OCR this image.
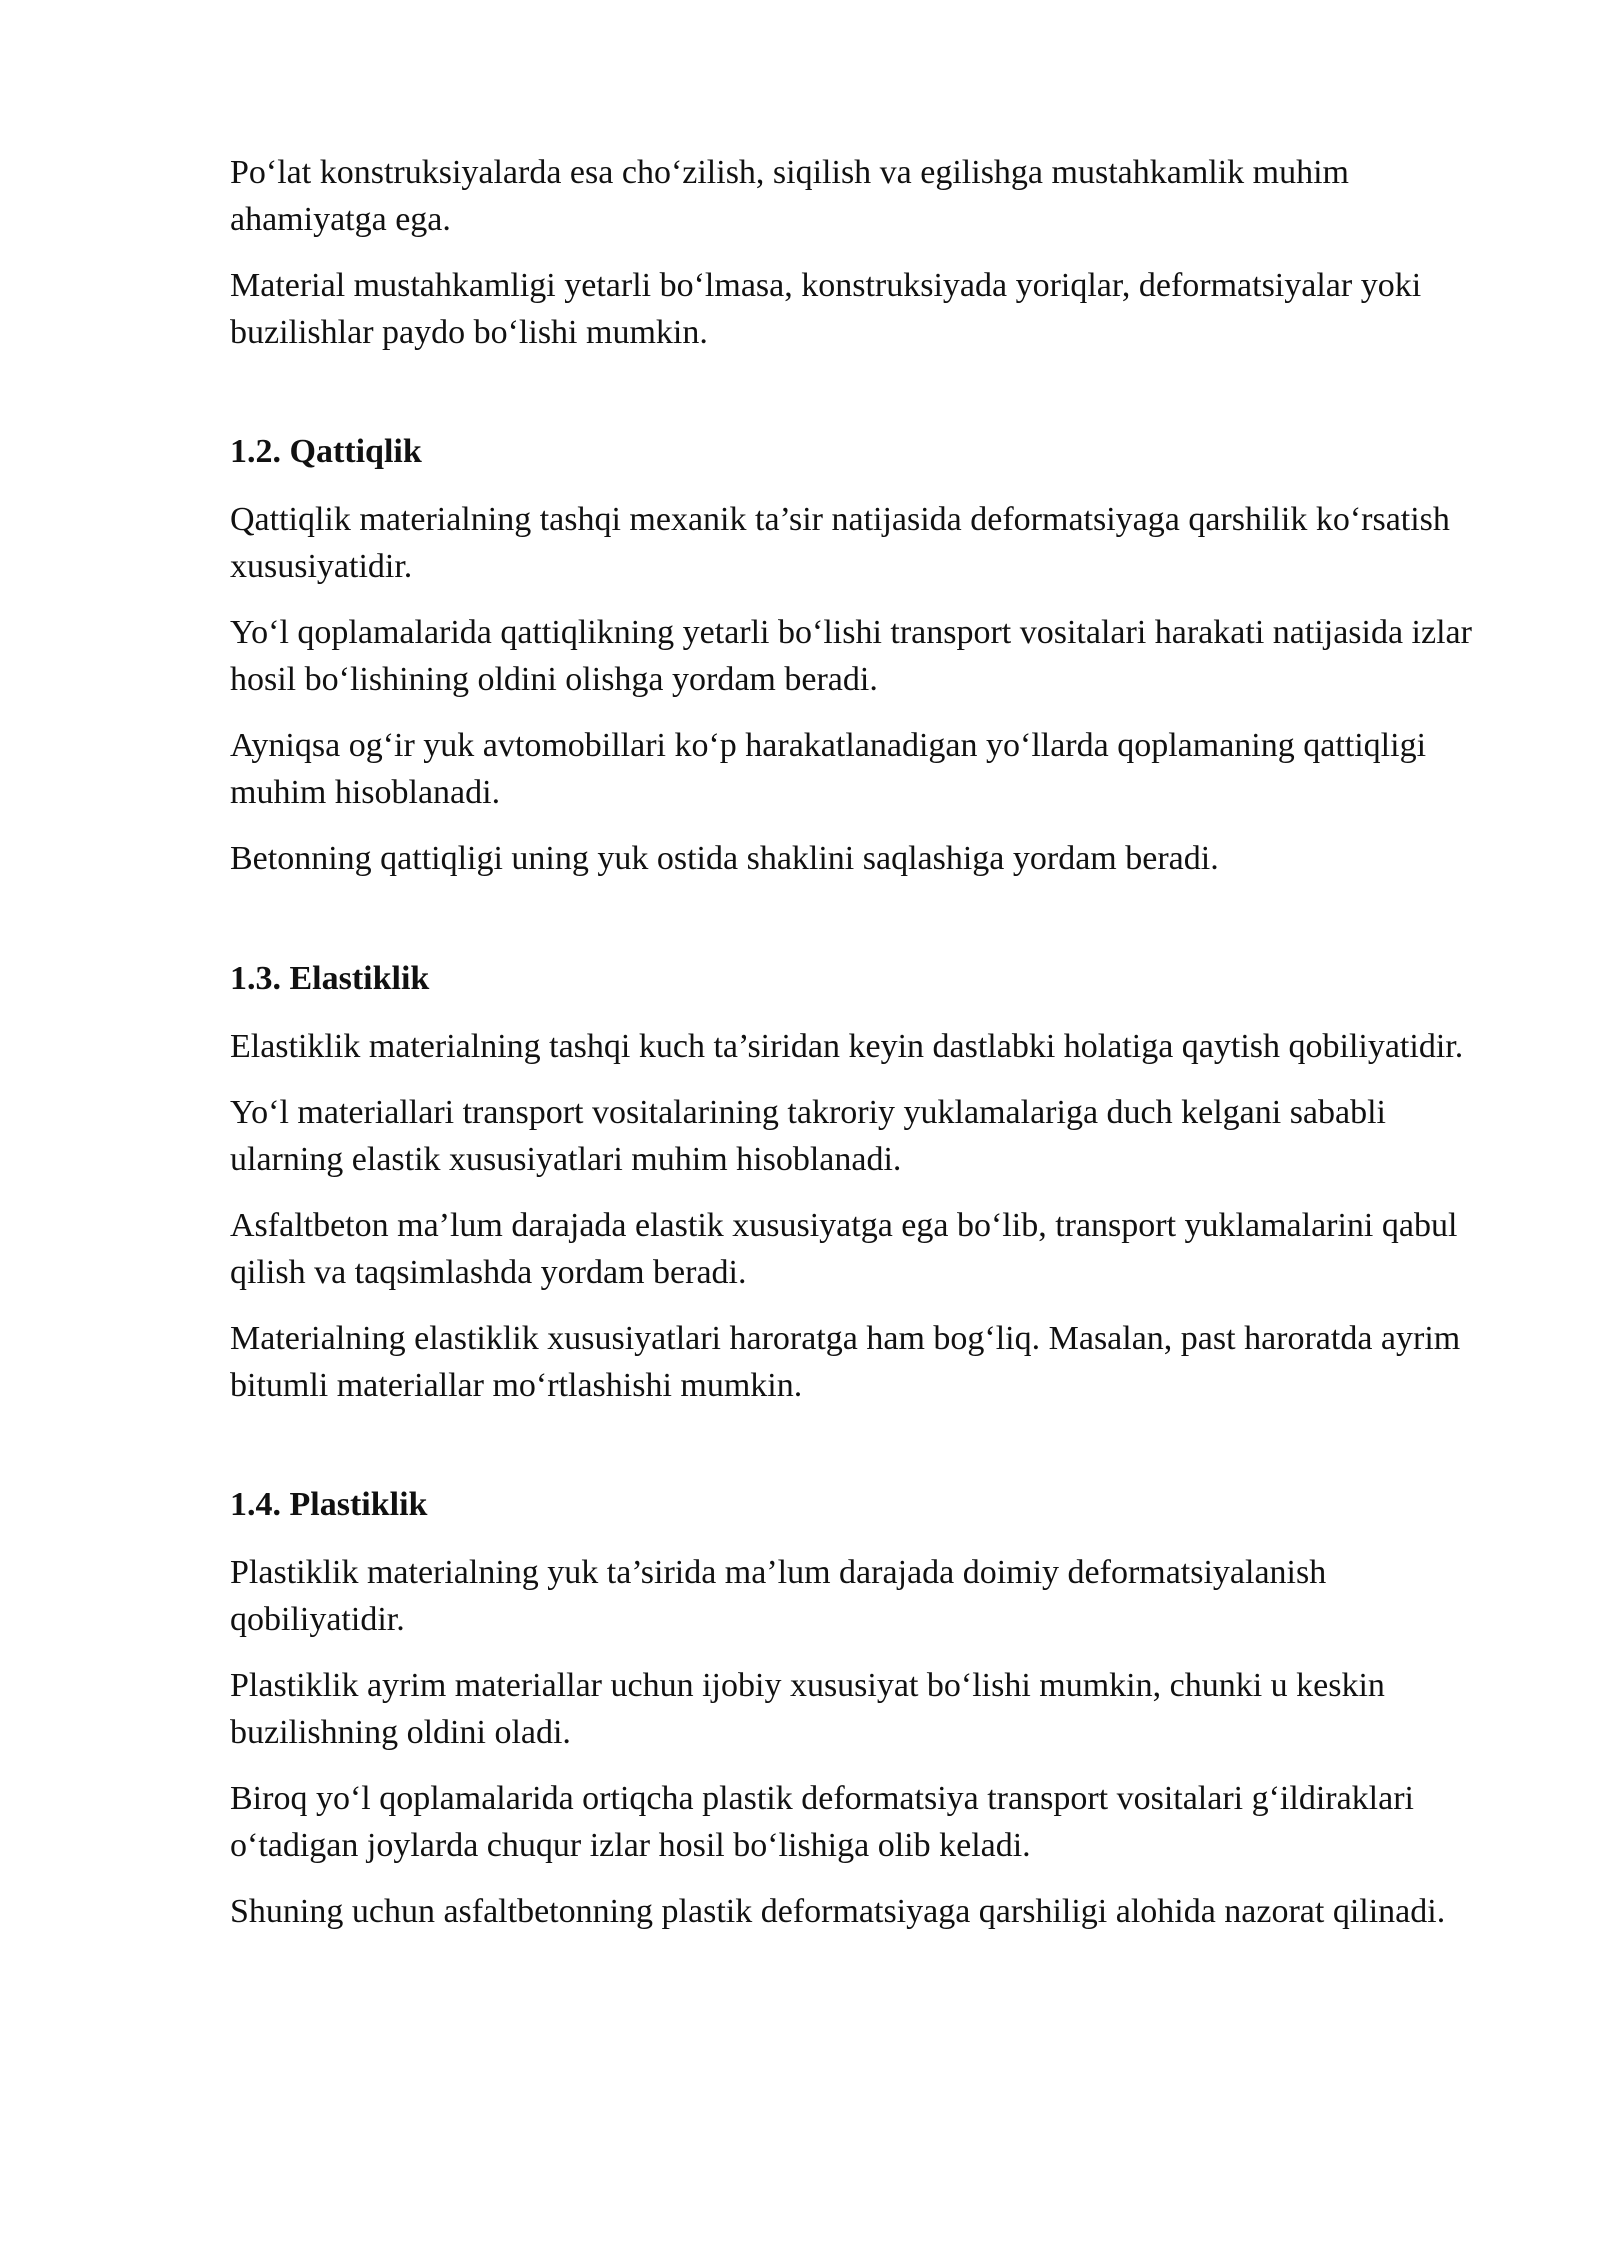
Po‘lat konstruksiyalarda esa cho‘zilish, siqilish va egilishga mustahkamlik muhim ahamiyatga ega.

Material mustahkamligi yetarli bo‘lmasa, konstruksiyada yoriqlar, deformatsiyalar yoki buzilishlar paydo bo‘lishi mumkin.

1.2. Qattiqlik

Qattiqlik materialning tashqi mexanik ta’sir natijasida deformatsiyaga qarshilik ko‘rsatish xususiyatidir.

Yo‘l qoplamalarida qattiqlikning yetarli bo‘lishi transport vositalari harakati natijasida izlar hosil bo‘lishining oldini olishga yordam beradi.

Ayniqsa og‘ir yuk avtomobillari ko‘p harakatlanadigan yo‘llarda qoplamaning qattiqligi muhim hisoblanadi.

Betonning qattiqligi uning yuk ostida shaklini saqlashiga yordam beradi.

1.3. Elastiklik

Elastiklik materialning tashqi kuch ta’siridan keyin dastlabki holatiga qaytish qobiliyatidir.

Yo‘l materiallari transport vositalarining takroriy yuklamalariga duch kelgani sababli ularning elastik xususiyatlari muhim hisoblanadi.

Asfaltbeton ma’lum darajada elastik xususiyatga ega bo‘lib, transport yuklamalarini qabul qilish va taqsimlashda yordam beradi.

Materialning elastiklik xususiyatlari haroratga ham bog‘liq. Masalan, past haroratda ayrim bitumli materiallar mo‘rtlashishi mumkin.

1.4. Plastiklik

Plastiklik materialning yuk ta’sirida ma’lum darajada doimiy deformatsiyalanish qobiliyatidir.

Plastiklik ayrim materiallar uchun ijobiy xususiyat bo‘lishi mumkin, chunki u keskin buzilishning oldini oladi.

Biroq yo‘l qoplamalarida ortiqcha plastik deformatsiya transport vositalari g‘ildiraklari o‘tadigan joylarda chuqur izlar hosil bo‘lishiga olib keladi.

Shuning uchun asfaltbetonning plastik deformatsiyaga qarshiligi alohida nazorat qilinadi.
